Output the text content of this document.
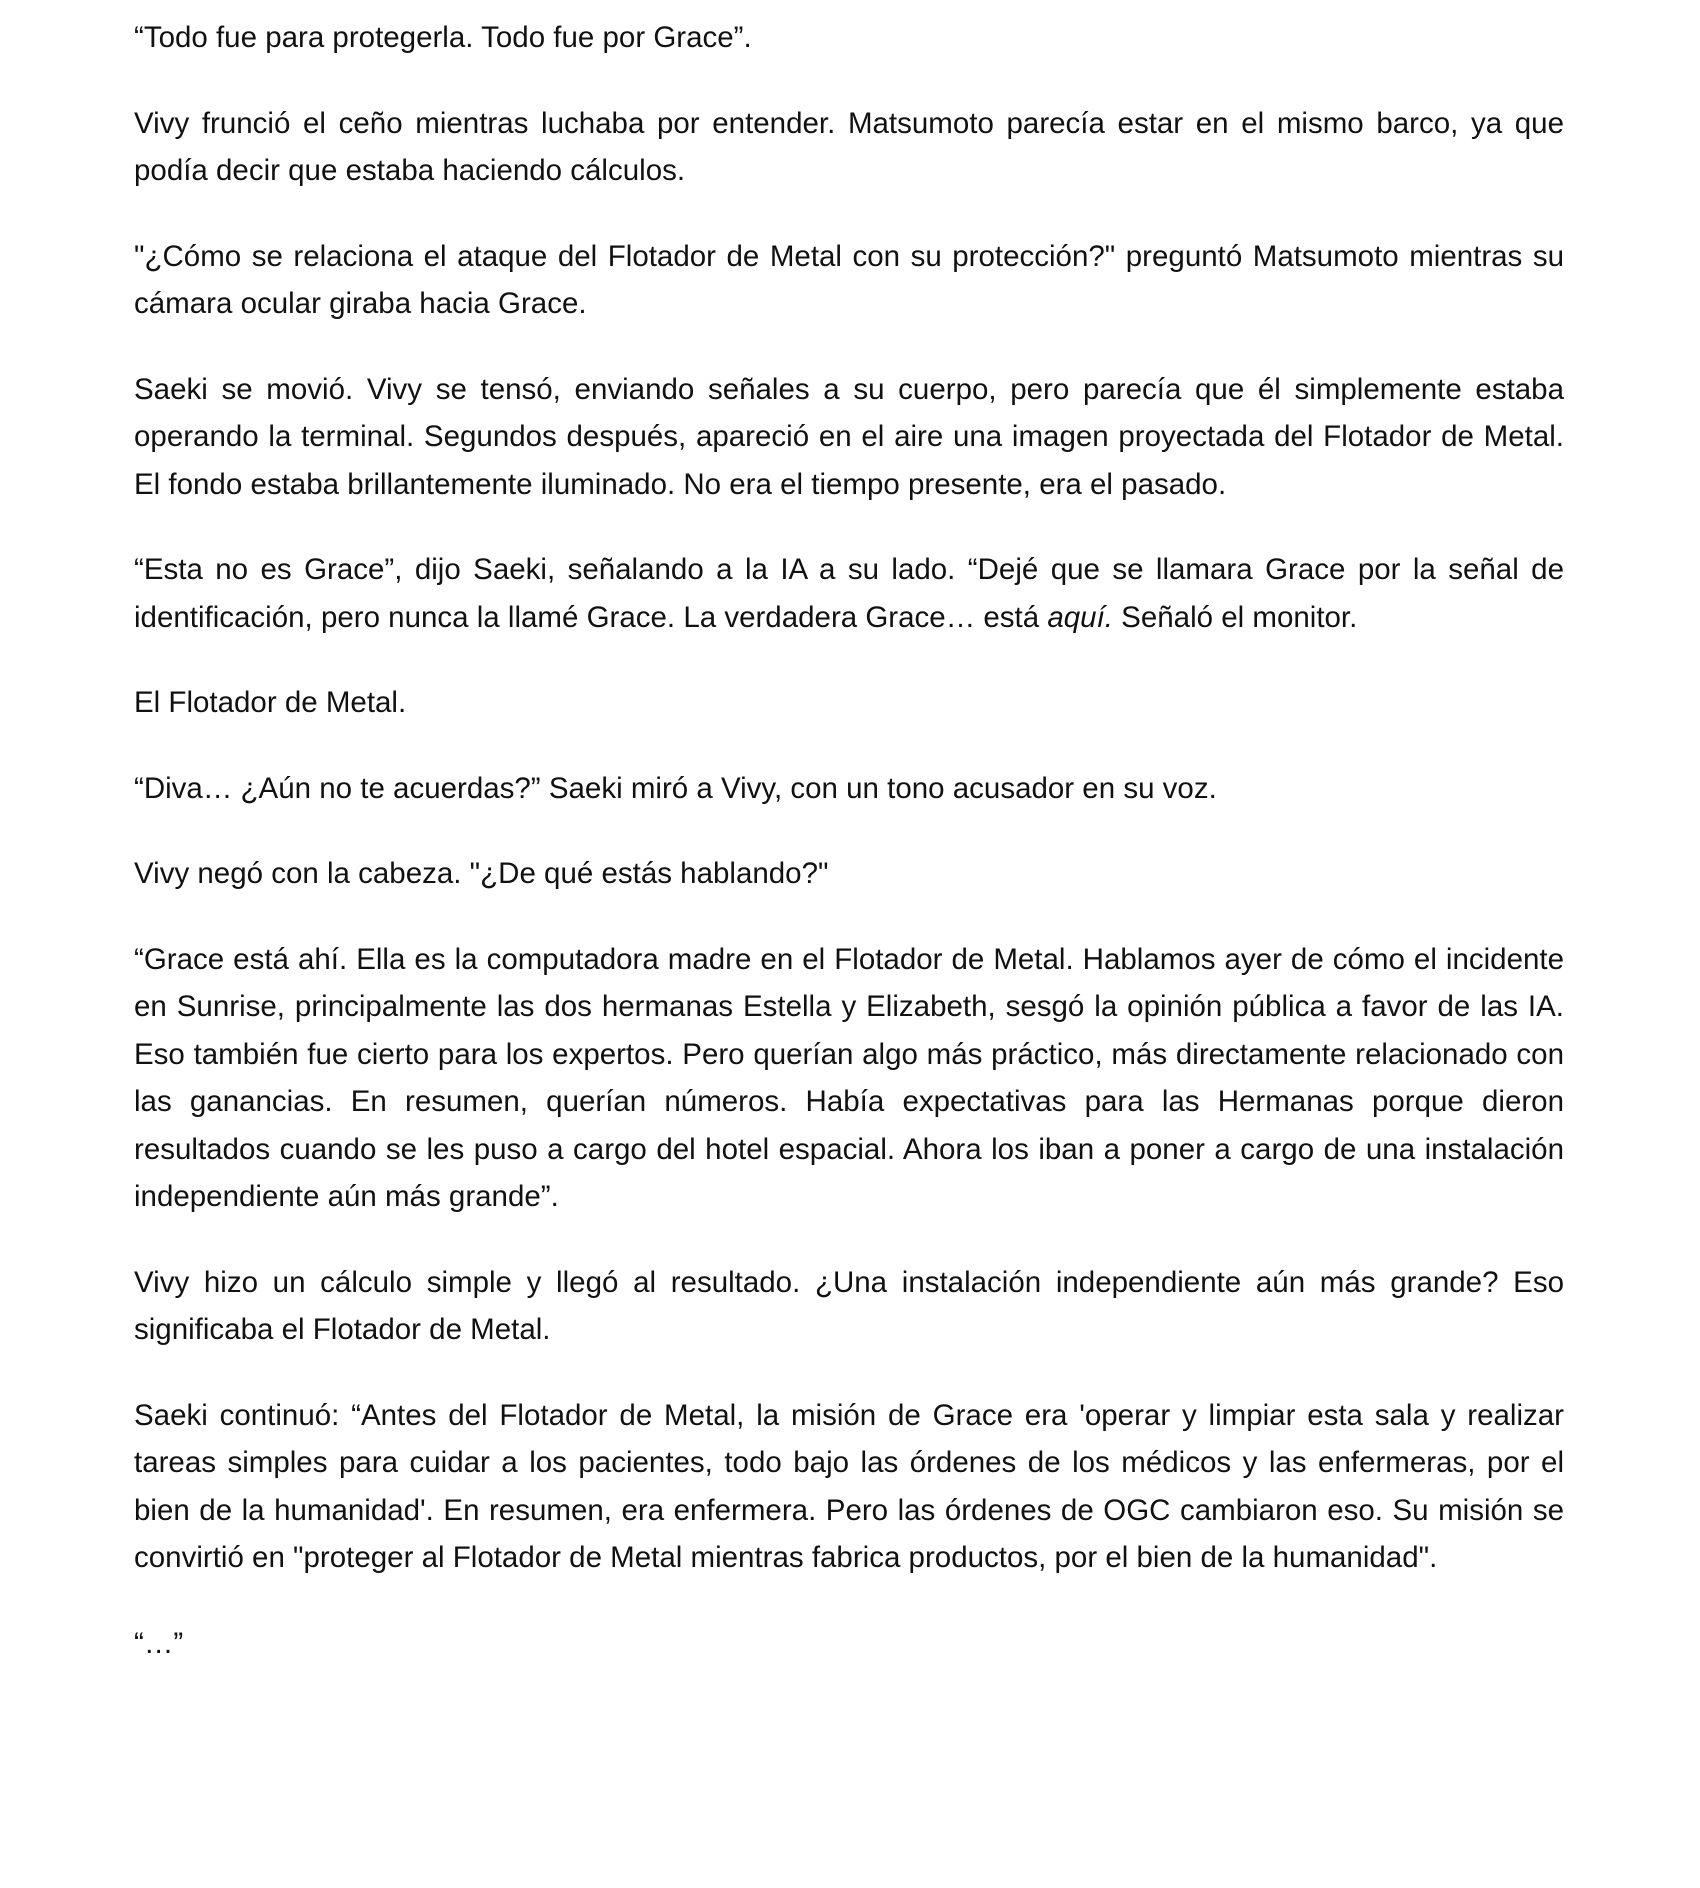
“Todo fue para protegerla. Todo fue por Grace”.

Vivy frunció el ceño mientras luchaba por entender. Matsumoto parecía estar en el mismo barco, ya que podía decir que estaba haciendo cálculos.

"¿Cómo se relaciona el ataque del Flotador de Metal con su protección?" preguntó Matsumoto mientras su cámara ocular giraba hacia Grace.

Saeki se movió. Vivy se tensó, enviando señales a su cuerpo, pero parecía que él simplemente estaba operando la terminal. Segundos después, apareció en el aire una imagen proyectada del Flotador de Metal. El fondo estaba brillantemente iluminado. No era el tiempo presente, era el pasado.

“Esta no es Grace”, dijo Saeki, señalando a la IA a su lado. “Dejé que se llamara Grace por la señal de identificación, pero nunca la llamé Grace. La verdadera Grace… está aquí. Señaló el monitor.

El Flotador de Metal.

“Diva… ¿Aún no te acuerdas?” Saeki miró a Vivy, con un tono acusador en su voz.

Vivy negó con la cabeza. "¿De qué estás hablando?"

“Grace está ahí. Ella es la computadora madre en el Flotador de Metal. Hablamos ayer de cómo el incidente en Sunrise, principalmente las dos hermanas Estella y Elizabeth, sesgó la opinión pública a favor de las IA. Eso también fue cierto para los expertos. Pero querían algo más práctico, más directamente relacionado con las ganancias. En resumen, querían números. Había expectativas para las Hermanas porque dieron resultados cuando se les puso a cargo del hotel espacial. Ahora los iban a poner a cargo de una instalación independiente aún más grande”.

Vivy hizo un cálculo simple y llegó al resultado. ¿Una instalación independiente aún más grande? Eso significaba el Flotador de Metal.

Saeki continuó: “Antes del Flotador de Metal, la misión de Grace era 'operar y limpiar esta sala y realizar tareas simples para cuidar a los pacientes, todo bajo las órdenes de los médicos y las enfermeras, por el bien de la humanidad'. En resumen, era enfermera. Pero las órdenes de OGC cambiaron eso. Su misión se convirtió en "proteger al Flotador de Metal mientras fabrica productos, por el bien de la humanidad".

“…”
